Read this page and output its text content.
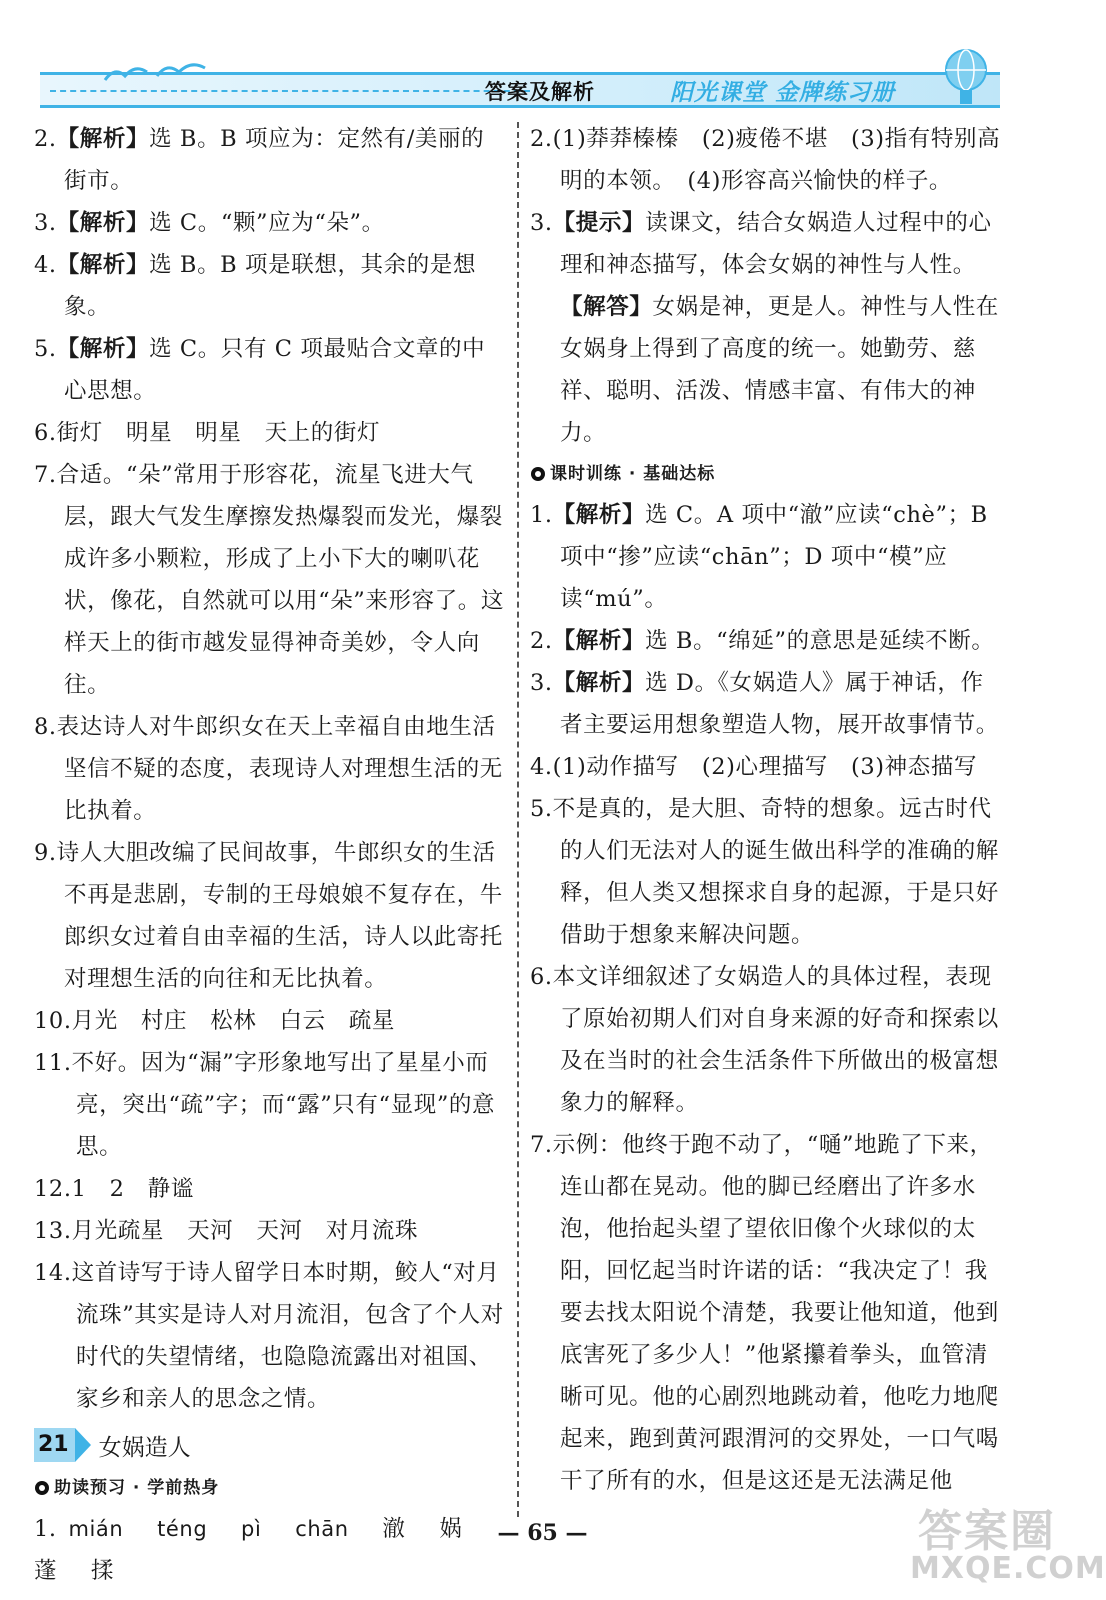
答案及解析	阳光课堂 金牌练习册
2.【解析】选 B。B 项应为：定然有/美丽的街市。
3.【解析】选 C。“颗”应为“朵”。
4.【解析】选 B。B 项是联想，其余的是想象。
5.【解析】选 C。只有 C 项最贴合文章的中心思想。
6.街灯　明星　明星　天上的街灯
7.合适。“朵”常用于形容花，流星飞进大气层，跟大气发生摩擦发热爆裂而发光，爆裂成许多小颗粒，形成了上小下大的喇叭花状，像花，自然就可以用“朵”来形容了。这样天上的街市越发显得神奇美妙，令人向往。
8.表达诗人对牛郎织女在天上幸福自由地生活坚信不疑的态度，表现诗人对理想生活的无比执着。
9.诗人大胆改编了民间故事，牛郎织女的生活不再是悲剧，专制的王母娘娘不复存在，牛郎织女过着自由幸福的生活，诗人以此寄托对理想生活的向往和无比执着。
10.月光　村庄　松林　白云　疏星
11.不好。因为“漏”字形象地写出了星星小而亮，突出“疏”字；而“露”只有“显现”的意思。
12.1　2　静谧
13.月光疏星　天河　天河　对月流珠
14.这首诗写于诗人留学日本时期，鲛人“对月流珠”其实是诗人对月流泪，包含了个人对时代的失望情绪，也隐隐流露出对祖国、家乡和亲人的思念之情。
21 女娲造人
助读预习 · 学前热身
1. mián téng pì chān 澈 娲 蓬 揉
2.(1)莽莽榛榛　(2)疲倦不堪　(3)指有特别高明的本领。　(4)形容高兴愉快的样子。
3.【提示】读课文，结合女娲造人过程中的心理和神态描写，体会女娲的神性与人性。
【解答】女娲是神，更是人。神性与人性在女娲身上得到了高度的统一。她勤劳、慈祥、聪明、活泼、情感丰富、有伟大的神力。
课时训练 · 基础达标
1.【解析】选 C。A 项中“澈”应读“chè”；B 项中“掺”应读“chān”；D 项中“模”应读“mú”。
2.【解析】选 B。“绵延”的意思是延续不断。
3.【解析】选 D。《女娲造人》属于神话，作者主要运用想象塑造人物，展开故事情节。
4.(1)动作描写　(2)心理描写　(3)神态描写
5.不是真的，是大胆、奇特的想象。远古时代的人们无法对人的诞生做出科学的准确的解释，但人类又想探求自身的起源，于是只好借助于想象来解决问题。
6.本文详细叙述了女娲造人的具体过程，表现了原始初期人们对自身来源的好奇和探索以及在当时的社会生活条件下所做出的极富想象力的解释。
7.示例：他终于跑不动了，“嗵”地跪了下来，连山都在晃动。他的脚已经磨出了许多水泡，他抬起头望了望依旧像个火球似的太阳，回忆起当时许诺的话：“我决定了！我要去找太阳说个清楚，我要让他知道，他到底害死了多少人！”他紧攥着拳头，血管清晰可见。他的心剧烈地跳动着，他吃力地爬起来，跑到黄河跟渭河的交界处，一口气喝干了所有的水，但是这还是无法满足他
— 65 —	答案圈
MXQE.COM
